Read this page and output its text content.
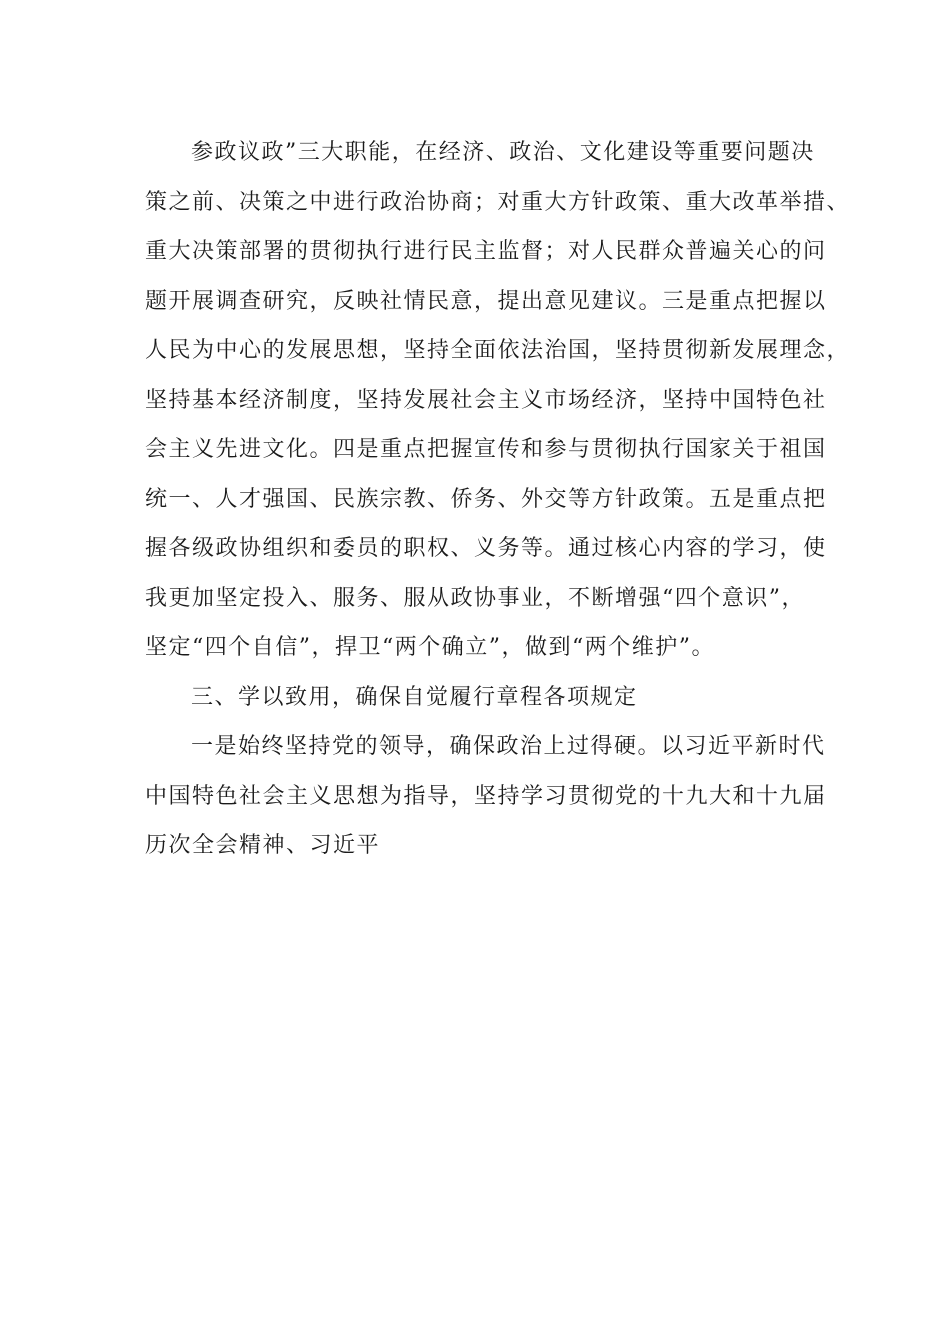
参政议政”三大职能，在经济、政治、文化建设等重要问题决
策之前、决策之中进行政治协商；对重大方针政策、重大改革举措、
重大决策部署的贯彻执行进行民主监督；对人民群众普遍关心的问
题开展调查研究，反映社情民意，提出意见建议。三是重点把握以
人民为中心的发展思想，坚持全面依法治国，坚持贯彻新发展理念，
坚持基本经济制度，坚持发展社会主义市场经济，坚持中国特色社
会主义先进文化。四是重点把握宣传和参与贯彻执行国家关于祖国
统一、人才强国、民族宗教、侨务、外交等方针政策。五是重点把
握各级政协组织和委员的职权、义务等。通过核心内容的学习，使
我更加坚定投入、服务、服从政协事业，不断增强“四个意识”，
坚定“四个自信”，捍卫“两个确立”，做到“两个维护”。
三、学以致用，确保自觉履行章程各项规定
一是始终坚持党的领导，确保政治上过得硬。以习近平新时代
中国特色社会主义思想为指导，坚持学习贯彻党的十九大和十九届
历次全会精神、习近平
